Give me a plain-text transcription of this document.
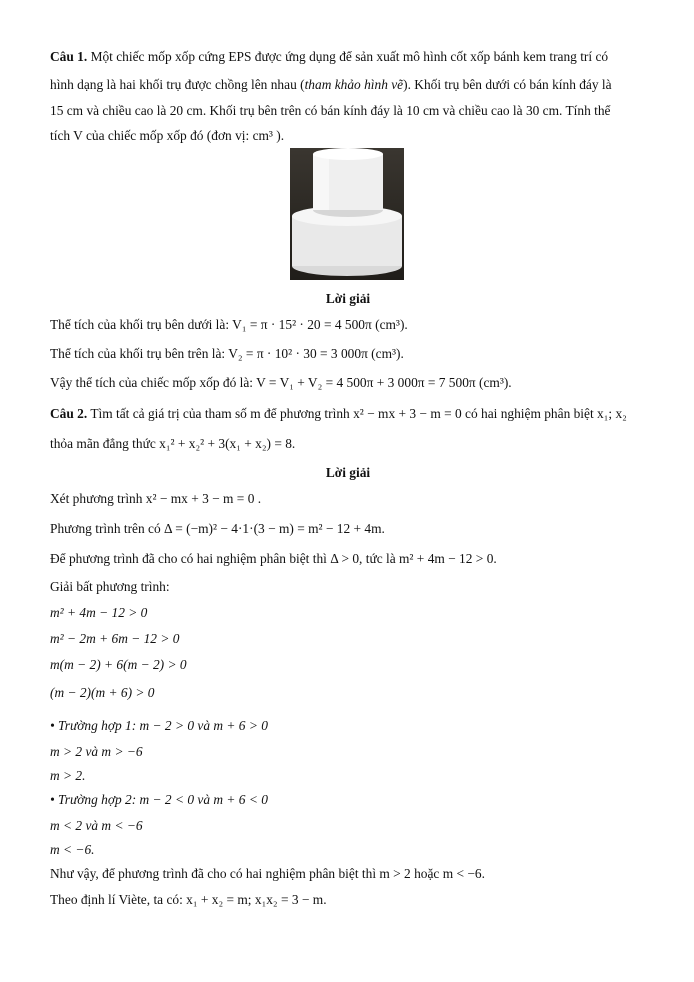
Câu 1. Một chiếc mốp xốp cứng EPS được ứng dụng để sản xuất mô hình cốt xốp bánh kem trang trí có
hình dạng là hai khối trụ được chồng lên nhau (tham khảo hình vẽ). Khối trụ bên dưới có bán kính đáy là
15 cm và chiều cao là 20 cm. Khối trụ bên trên có bán kính đáy là 10 cm và chiều cao là 30 cm. Tính thể
tích V của chiếc mốp xốp đó (đơn vị: cm³ ).
Lời giải
Thể tích của khối trụ bên dưới là: V₁ = π · 15² · 20 = 4 500π (cm³).
Thể tích của khối trụ bên trên là: V₂ = π · 10² · 30 = 3 000π (cm³).
Vậy thể tích của chiếc mốp xốp đó là: V = V₁ + V₂ = 4 500π + 3 000π = 7 500π (cm³).
Câu 2. Tìm tất cả giá trị của tham số m để phương trình x² − mx + 3 − m = 0 có hai nghiệm phân biệt x₁; x₂
thỏa mãn đẳng thức x₁² + x₂² + 3(x₁ + x₂) = 8.
Lời giải
Xét phương trình x² − mx + 3 − m = 0 .
Phương trình trên có Δ = (−m)² − 4·1·(3 − m) = m² − 12 + 4m.
Để phương trình đã cho có hai nghiệm phân biệt thì Δ > 0, tức là m² + 4m − 12 > 0.
Giải bất phương trình:
m² + 4m − 12 > 0
m² − 2m + 6m − 12 > 0
m(m − 2) + 6(m − 2) > 0
(m − 2)(m + 6) > 0
• Trường hợp 1: m − 2 > 0 và m + 6 > 0
m > 2 và m > −6
m > 2.
• Trường hợp 2: m − 2 < 0 và m + 6 < 0
m < 2 và m < −6
m < −6.
Như vậy, để phương trình đã cho có hai nghiệm phân biệt thì m > 2 hoặc m < −6.
Theo định lí Viète, ta có: x₁ + x₂ = m; x₁x₂ = 3 − m.
